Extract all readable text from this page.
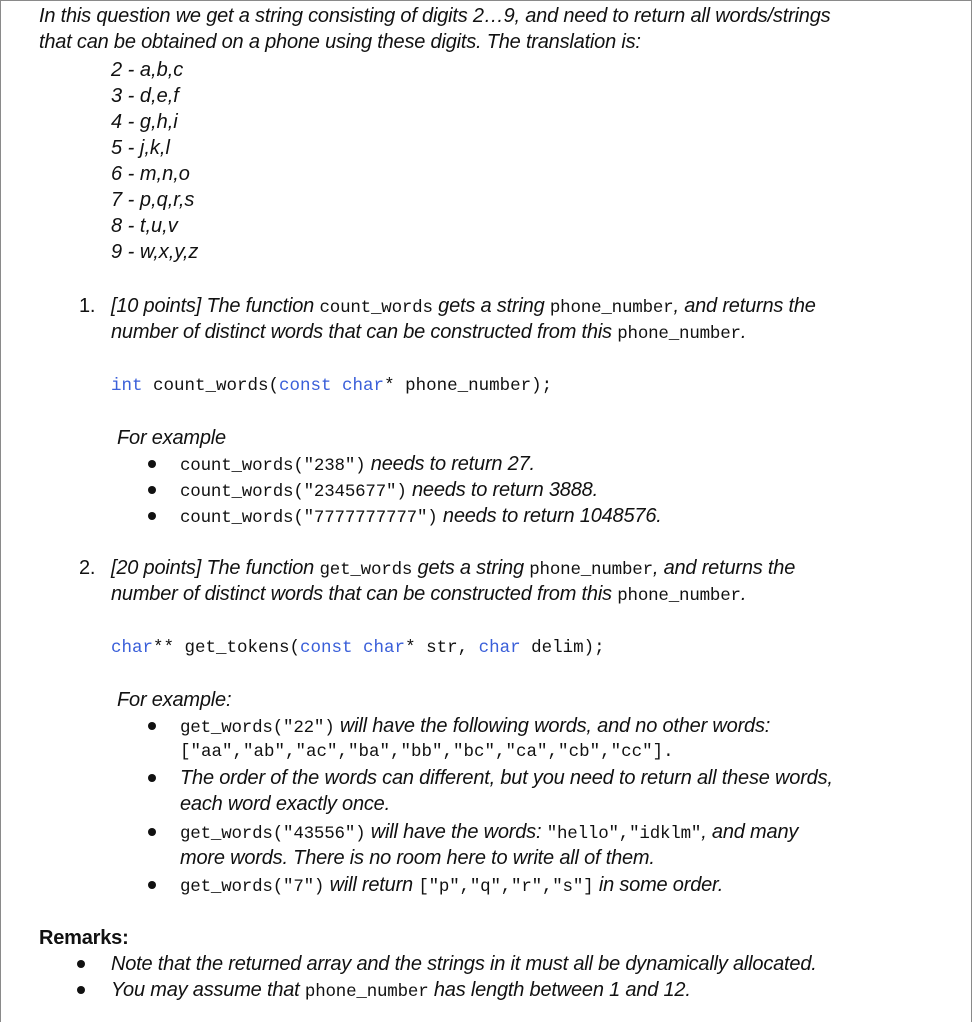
In this question we get a string consisting of digits 2…9, and need to return all words/strings
that can be obtained on a phone using these digits. The translation is:
2 - a,b,c
3 - d,e,f
4 - g,h,i
5 - j,k,l
6 - m,n,o
7 - p,q,r,s
8 - t,u,v
9 - w,x,y,z
1. [10 points] The function count_words gets a string phone_number, and returns the
number of distinct words that can be constructed from this phone_number.
int count_words(const char* phone_number);
For example
count_words("238") needs to return 27.
count_words("2345677") needs to return 3888.
count_words("7777777777") needs to return 1048576.
2. [20 points] The function get_words gets a string phone_number, and returns the
number of distinct words that can be constructed from this phone_number.
char** get_tokens(const char* str, char delim);
For example:
get_words("22") will have the following words, and no other words:
["aa","ab","ac","ba","bb","bc","ca","cb","cc"].
The order of the words can different, but you need to return all these words,
each word exactly once.
get_words("43556") will have the words: "hello","idklm", and many
more words. There is no room here to write all of them.
get_words("7") will return ["p","q","r","s"] in some order.
Remarks:
Note that the returned array and the strings in it must all be dynamically allocated.
You may assume that phone_number has length between 1 and 12.
